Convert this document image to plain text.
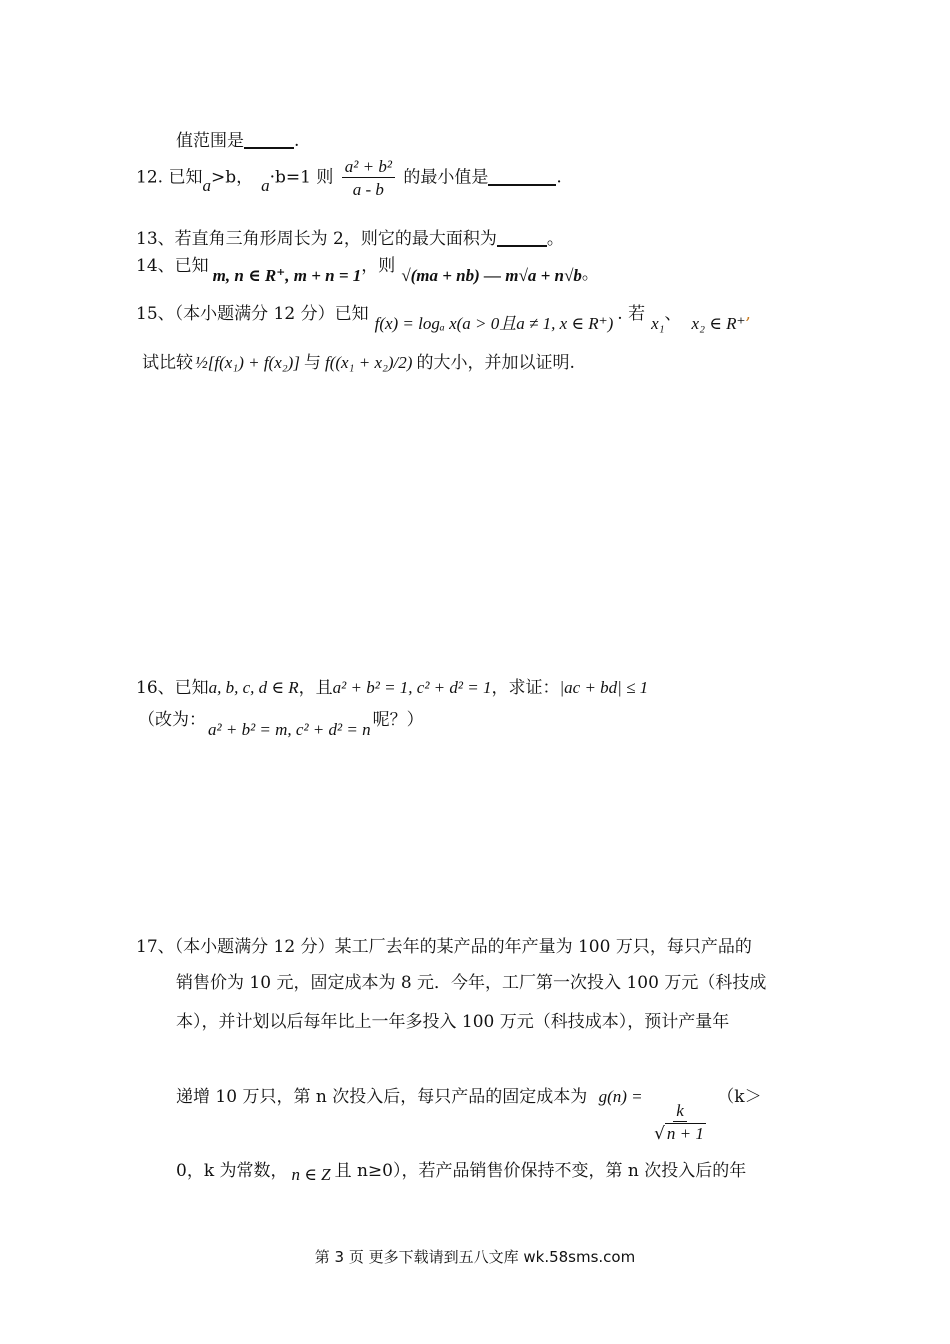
值范围是	.
12. 已知a>b， a·b=1 则 $\frac{\text{a² + b²}}{a - b}$ 的最小值是	.
13、若直角三角形周长为 2，则它的最大面积为	。
14、已知 m, n ∈ R⁺, m + n = 1，则 √(ma + nb) — m√a + n√b。
15、（本小题满分 12 分）已知 f(x) = logₐ x(a > 0且a ≠ 1, x ∈ R⁺) . 若 x₁、 x₂ ∈ R⁺,
试比较 ½[f(x₁) + f(x₂)] 与 f((x₁ + x₂)/2) 的大小，并加以证明.
16、已知a, b, c, d ∈ R，且a² + b² = 1, c² + d² = 1，求证：|ac + bd| ≤ 1
（改为： a² + b² = m, c² + d² = n 呢？）
17、（本小题满分 12 分）某工厂去年的某产品的年产量为 100 万只，每只产品的
销售价为 10 元，固定成本为 8 元．今年，工厂第一次投入 100 万元（科技成
本），并计划以后每年比上一年多投入 100 万元（科技成本），预计产量年
递增 10 万只，第 n 次投入后，每只产品的固定成本为 g(n) =
$\frac{k}{√ n + 1}$
（k＞
0，k 为常数， n ∈ Z 且 n≥0），若产品销售价保持不变，第 n 次投入后的年
第 3 页 更多下载请到五八文库 wk.58sms.com
